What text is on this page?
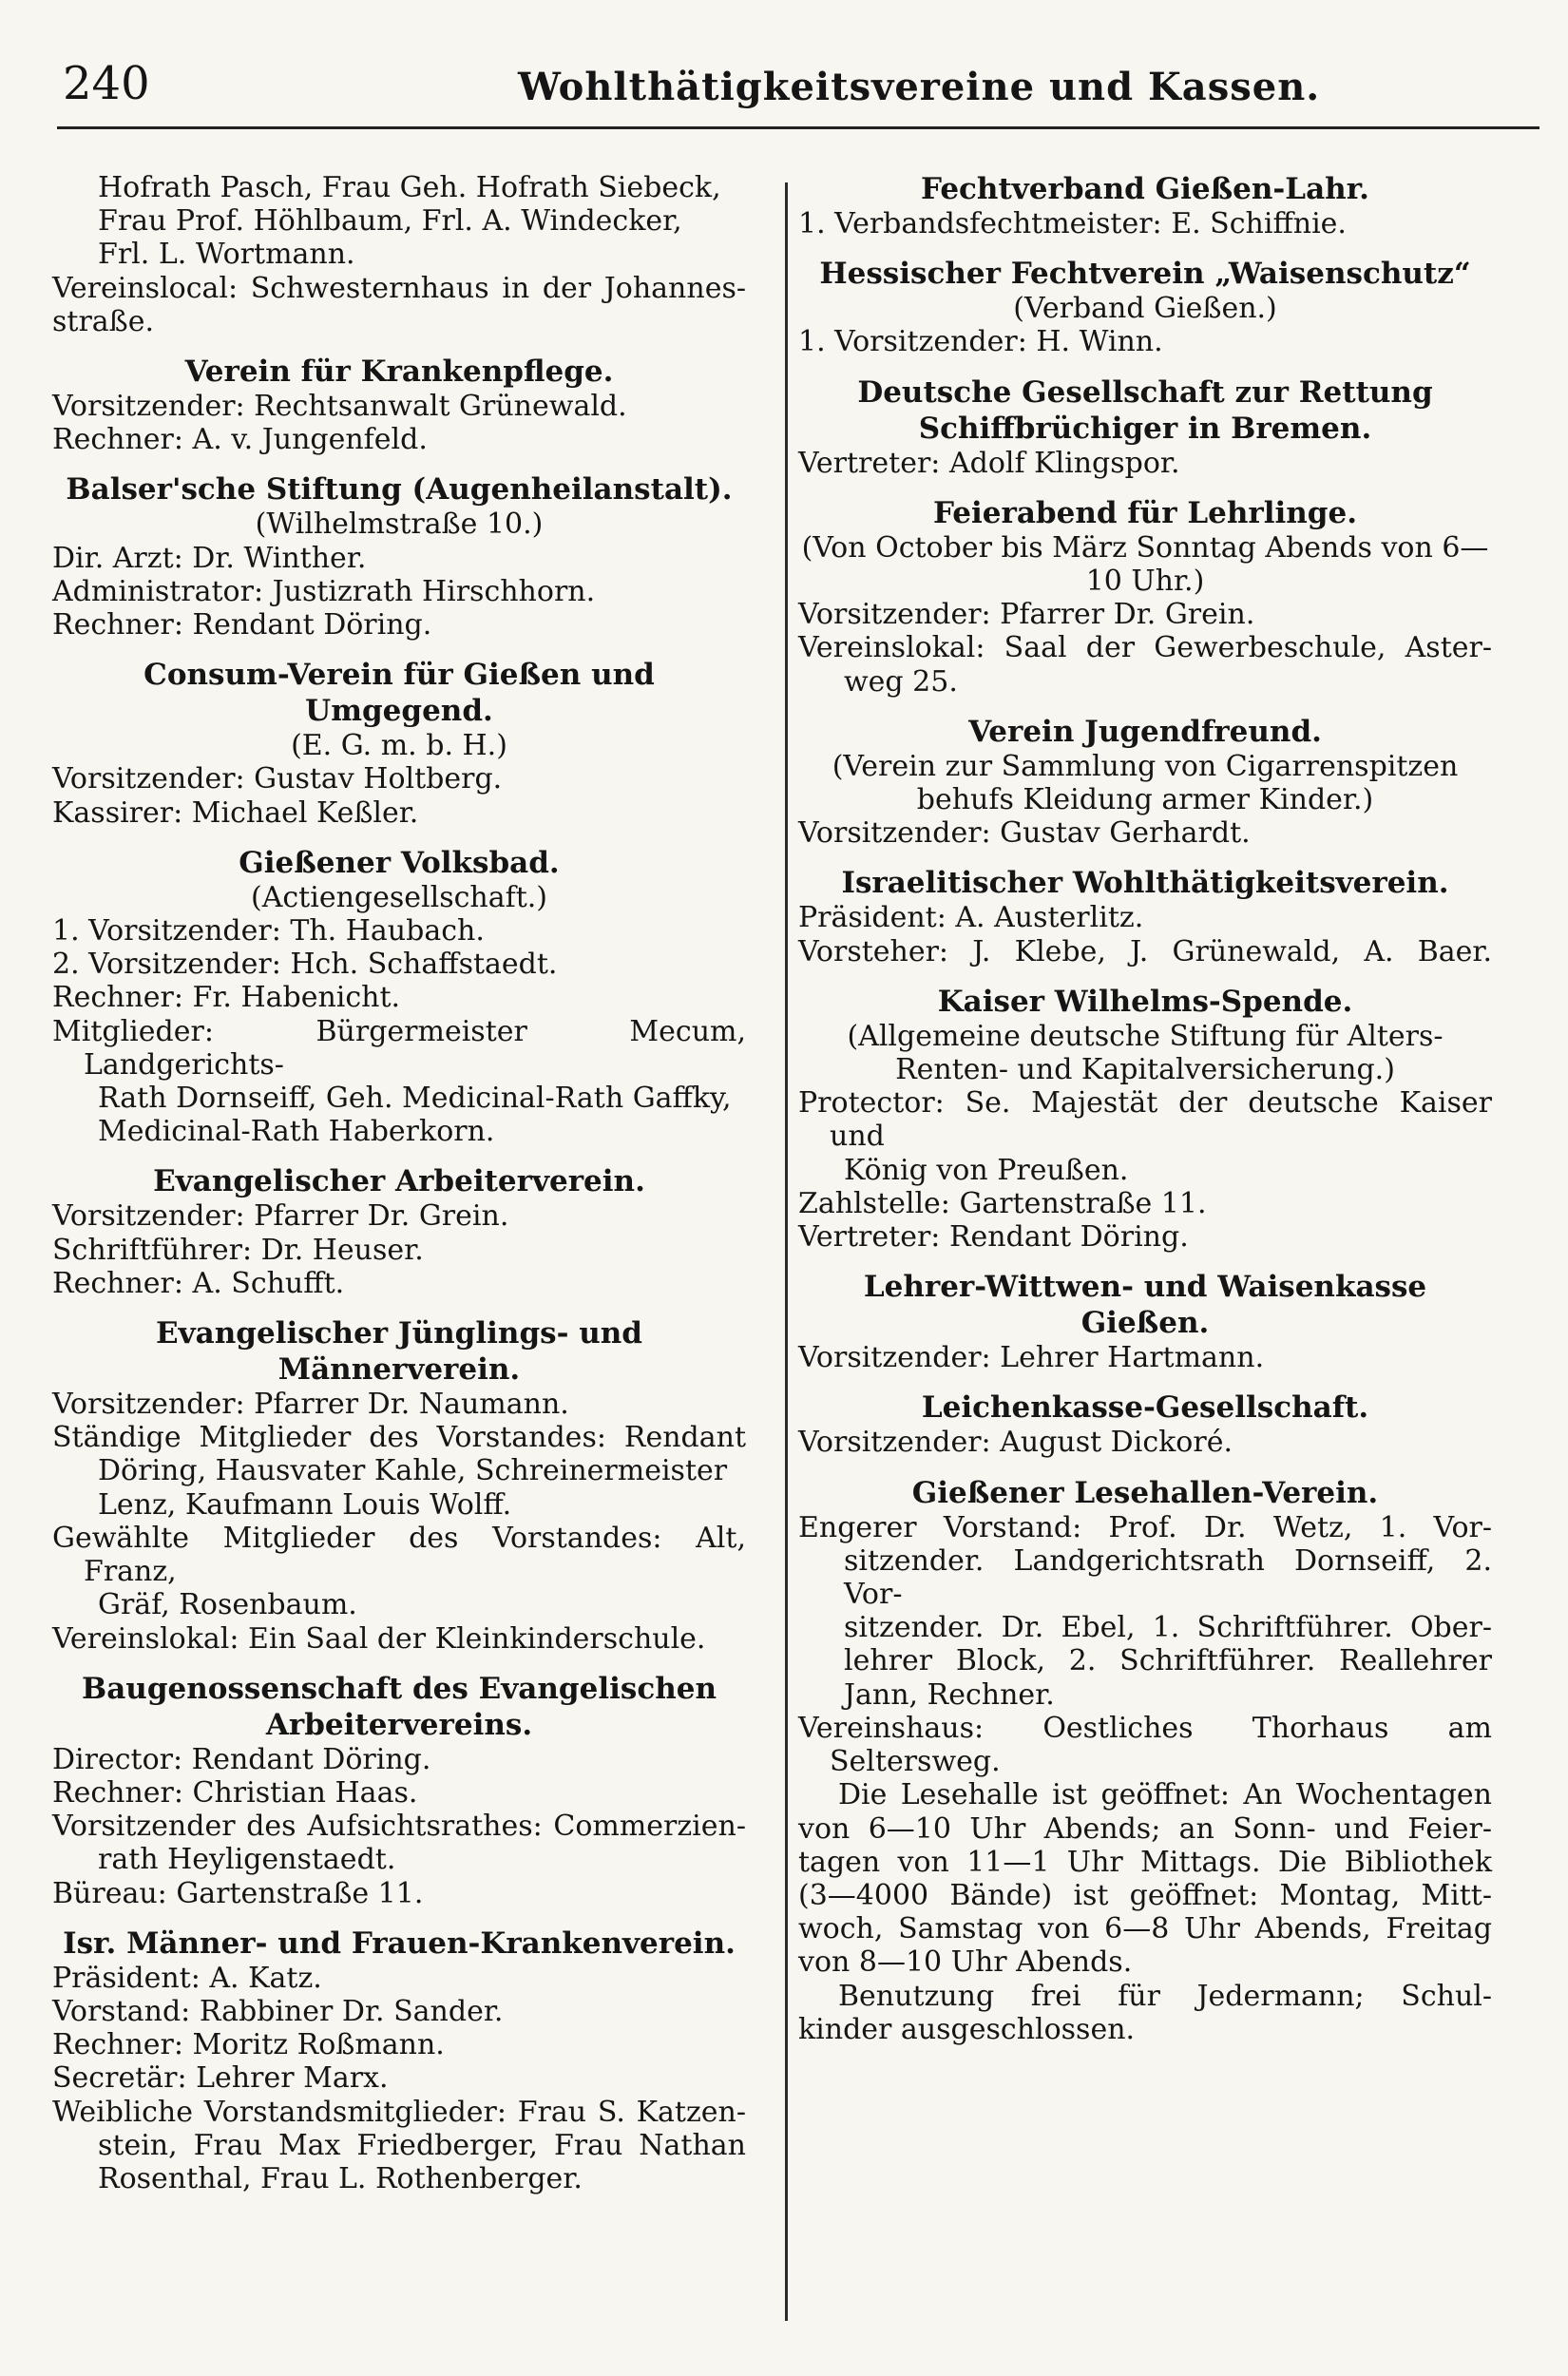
240	Wohlthätigkeitsvereine und Kassen.
Hofrath Pasch, Frau Geh. Hofrath Siebeck,
Frau Prof. Höhlbaum, Frl. A. Windecker,
Frl. L. Wortmann.
Vereinslocal: Schwesternhaus in der Johannes-
straße.
Verein für Krankenpflege.
Vorsitzender: Rechtsanwalt Grünewald.
Rechner: A. v. Jungenfeld.
Balser'sche Stiftung (Augenheilanstalt).
(Wilhelmstraße 10.)
Dir. Arzt: Dr. Winther.
Administrator: Justizrath Hirschhorn.
Rechner: Rendant Döring.
Consum-Verein für Gießen und Umgegend.
(E. G. m. b. H.)
Vorsitzender: Gustav Holtberg.
Kassirer: Michael Keßler.
Gießener Volksbad.
(Actiengesellschaft.)
1. Vorsitzender: Th. Haubach.
2. Vorsitzender: Hch. Schaffstaedt.
Rechner: Fr. Habenicht.
Mitglieder: Bürgermeister Mecum, Landgerichts-
Rath Dornseiff, Geh. Medicinal-Rath Gaffky,
Medicinal-Rath Haberkorn.
Evangelischer Arbeiterverein.
Vorsitzender: Pfarrer Dr. Grein.
Schriftführer: Dr. Heuser.
Rechner: A. Schufft.
Evangelischer Jünglings- und Männerverein.
Vorsitzender: Pfarrer Dr. Naumann.
Ständige Mitglieder des Vorstandes: Rendant
Döring, Hausvater Kahle, Schreinermeister
Lenz, Kaufmann Louis Wolff.
Gewählte Mitglieder des Vorstandes: Alt, Franz,
Gräf, Rosenbaum.
Vereinslokal: Ein Saal der Kleinkinderschule.
Baugenossenschaft des Evangelischen Arbeitervereins.
Director: Rendant Döring.
Rechner: Christian Haas.
Vorsitzender des Aufsichtsrathes: Commerzien-
rath Heyligenstaedt.
Büreau: Gartenstraße 11.
Isr. Männer- und Frauen-Krankenverein.
Präsident: A. Katz.
Vorstand: Rabbiner Dr. Sander.
Rechner: Moritz Roßmann.
Secretär: Lehrer Marx.
Weibliche Vorstandsmitglieder: Frau S. Katzen-
stein, Frau Max Friedberger, Frau Nathan
Rosenthal, Frau L. Rothenberger.
Fechtverband Gießen-Lahr.
1. Verbandsfechtmeister: E. Schiffnie.
Hessischer Fechtverein „Waisenschutz“
(Verband Gießen.)
1. Vorsitzender: H. Winn.
Deutsche Gesellschaft zur Rettung Schiffbrüchiger in Bremen.
Vertreter: Adolf Klingspor.
Feierabend für Lehrlinge.
(Von October bis März Sonntag Abends von 6—10 Uhr.)
Vorsitzender: Pfarrer Dr. Grein.
Vereinslokal: Saal der Gewerbeschule, Aster-
weg 25.
Verein Jugendfreund.
(Verein zur Sammlung von Cigarrenspitzen behufs Kleidung armer Kinder.)
Vorsitzender: Gustav Gerhardt.
Israelitischer Wohlthätigkeitsverein.
Präsident: A. Austerlitz.
Vorsteher: J. Klebe, J. Grünewald, A. Baer.
Kaiser Wilhelms-Spende.
(Allgemeine deutsche Stiftung für Alters-Renten- und Kapitalversicherung.)
Protector: Se. Majestät der deutsche Kaiser und
König von Preußen.
Zahlstelle: Gartenstraße 11.
Vertreter: Rendant Döring.
Lehrer-Wittwen- und Waisenkasse Gießen.
Vorsitzender: Lehrer Hartmann.
Leichenkasse-Gesellschaft.
Vorsitzender: August Dickoré.
Gießener Lesehallen-Verein.
Engerer Vorstand: Prof. Dr. Wetz, 1. Vor-
sitzender. Landgerichtsrath Dornseiff, 2. Vor-
sitzender. Dr. Ebel, 1. Schriftführer. Ober-
lehrer Block, 2. Schriftführer. Reallehrer
Jann, Rechner.
Vereinshaus: Oestliches Thorhaus am Seltersweg.
Die Lesehalle ist geöffnet: An Wochentagen
von 6—10 Uhr Abends; an Sonn- und Feier-
tagen von 11—1 Uhr Mittags. Die Bibliothek
(3—4000 Bände) ist geöffnet: Montag, Mitt-
woch, Samstag von 6—8 Uhr Abends, Freitag
von 8—10 Uhr Abends.
Benutzung frei für Jedermann; Schul-
kinder ausgeschlossen.
